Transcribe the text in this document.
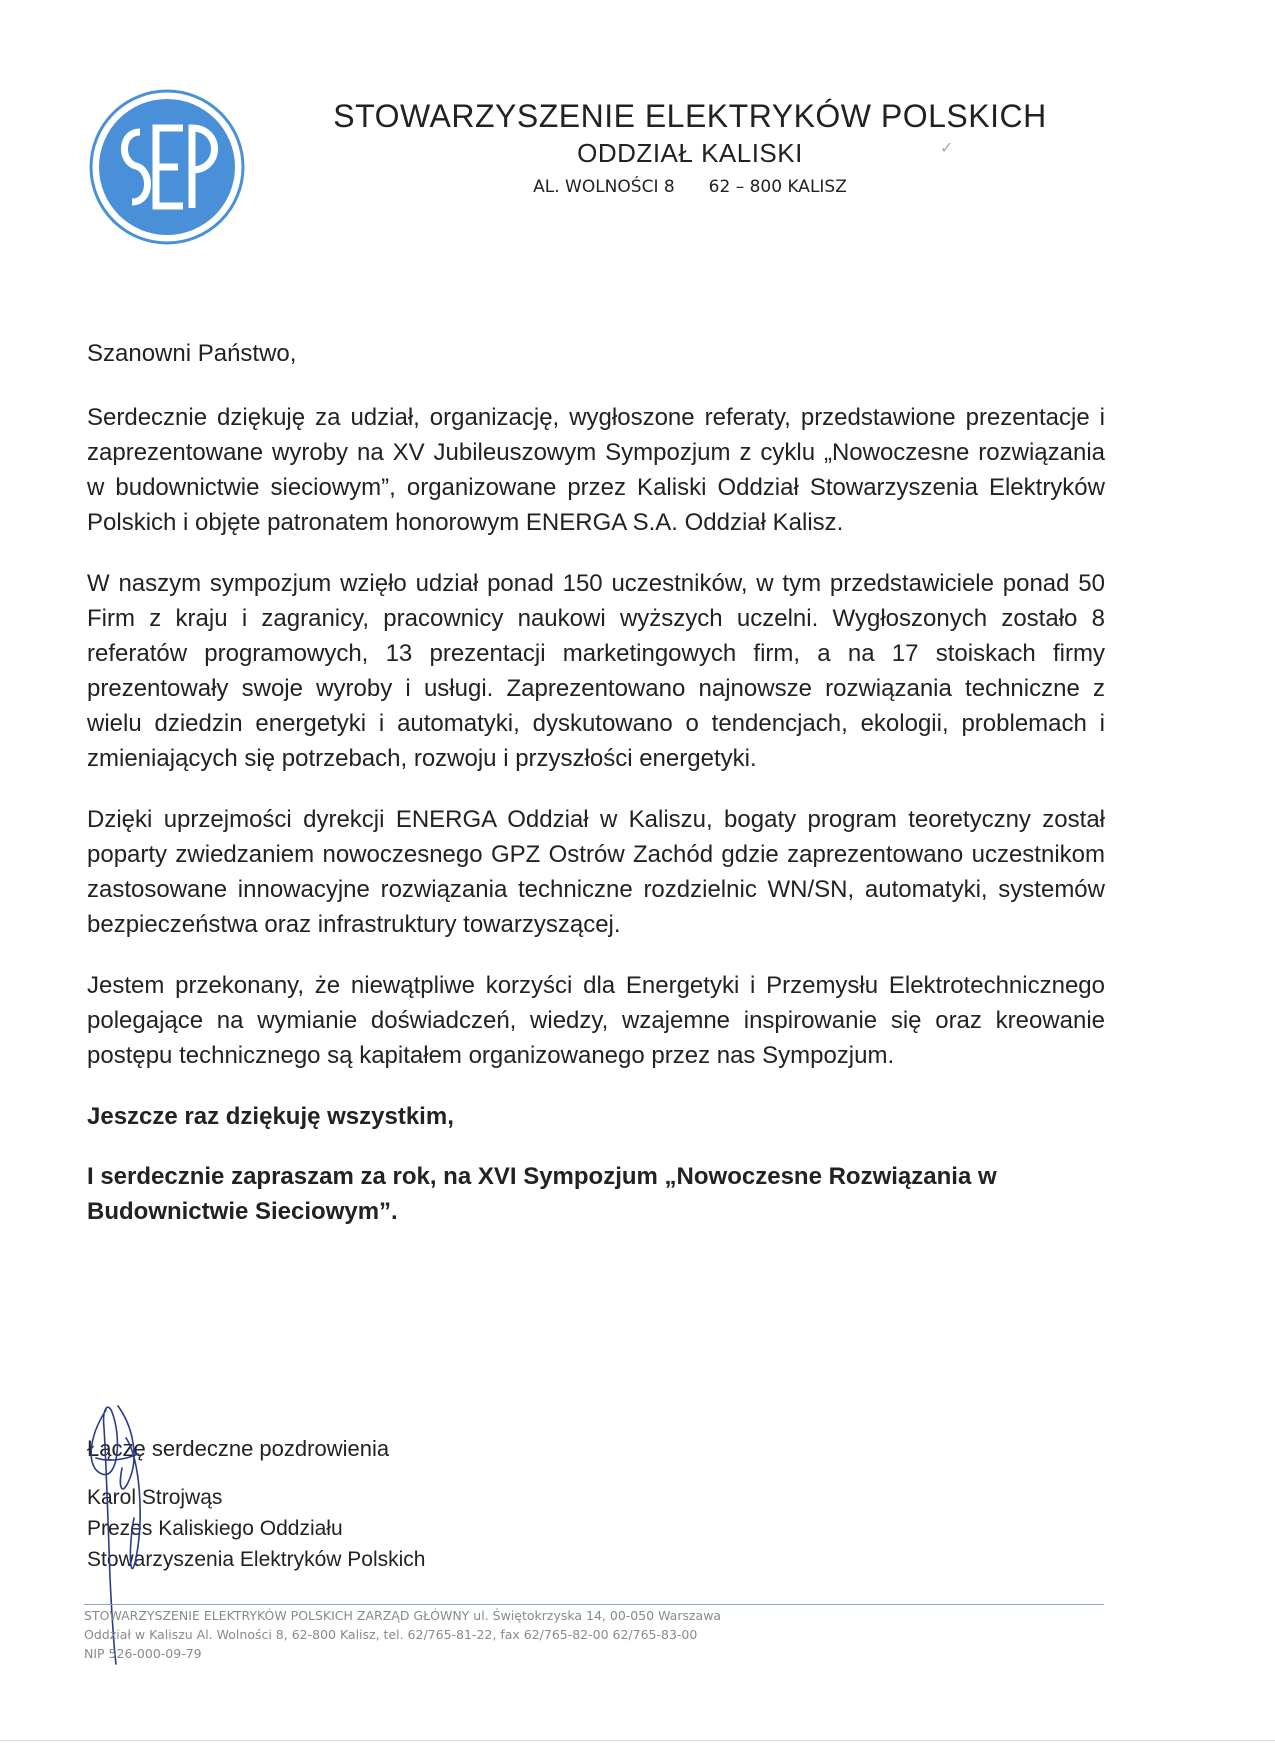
STOWARZYSZENIE ELEKTRYKÓW POLSKICH
ODDZIAŁ KALISKI
AL. WOLNOŚCI 8 62 – 800 KALISZ
✓

Szanowni Państwo,

Serdecznie dziękuję za udział, organizację, wygłoszone referaty, przedstawione prezentacje i zaprezentowane wyroby na XV Jubileuszowym Sympozjum z cyklu „Nowoczesne rozwiązania w budownictwie sieciowym”, organizowane przez Kaliski Oddział Stowarzyszenia Elektryków Polskich i objęte patronatem honorowym ENERGA S.A. Oddział Kalisz.

W naszym sympozjum wzięło udział ponad 150 uczestników, w tym przedstawiciele ponad 50 Firm z kraju i zagranicy, pracownicy naukowi wyższych uczelni. Wygłoszonych zostało 8 referatów programowych, 13 prezentacji marketingowych firm, a na 17 stoiskach firmy prezentowały swoje wyroby i usługi. Zaprezentowano najnowsze rozwiązania techniczne z wielu dziedzin energetyki i automatyki, dyskutowano o tendencjach, ekologii, problemach i zmieniających się potrzebach, rozwoju i przyszłości energetyki.

Dzięki uprzejmości dyrekcji ENERGA Oddział w Kaliszu, bogaty program teoretyczny został poparty zwiedzaniem nowoczesnego GPZ Ostrów Zachód gdzie zaprezentowano uczestnikom zastosowane innowacyjne rozwiązania techniczne rozdzielnic WN/SN, automatyki, systemów bezpieczeństwa oraz infrastruktury towarzyszącej.

Jestem przekonany, że niewątpliwe korzyści dla Energetyki i Przemysłu Elektrotechnicznego polegające na wymianie doświadczeń, wiedzy, wzajemne inspirowanie się oraz kreowanie postępu technicznego są kapitałem organizowanego przez nas Sympozjum.

Jeszcze raz dziękuję wszystkim,

I serdecznie zapraszam za rok, na XVI Sympozjum „Nowoczesne Rozwiązania w Budownictwie Sieciowym”.

Łączę serdeczne pozdrowienia
Karol Strojwąs
Prezes Kaliskiego Oddziału
Stowarzyszenia Elektryków Polskich
STOWARZYSZENIE ELEKTRYKÓW POLSKICH ZARZĄD GŁÓWNY ul. Świętokrzyska 14, 00-050 Warszawa
Oddział w Kaliszu Al. Wolności 8, 62-800 Kalisz, tel. 62/765-81-22, fax 62/765-82-00 62/765-83-00
NIP 526-000-09-79
